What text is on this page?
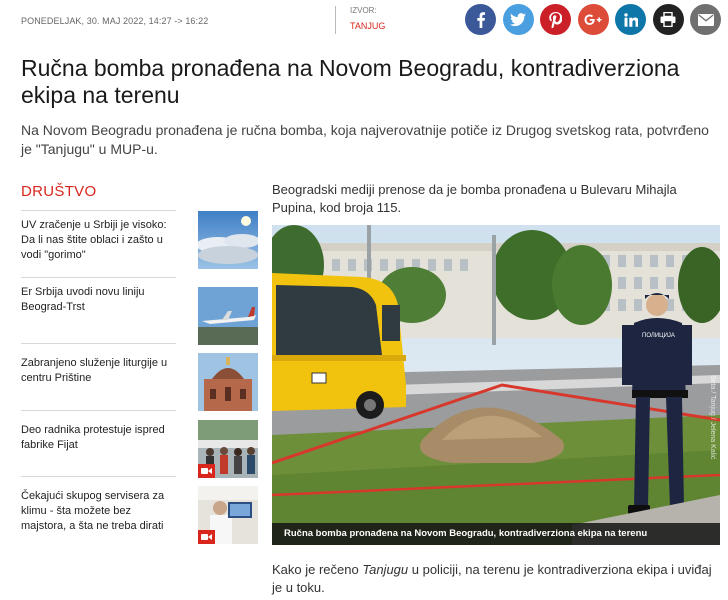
PONEDELJAK, 30. MAJ 2022, 14:27 -> 16:22
IZVOR:
TANJUG
Ručna bomba pronađena na Novom Beogradu, kontradiverziona ekipa na terenu

Na Novom Beogradu pronađena je ručna bomba, koja najverovatnije potiče iz Drugog svetskog rata, potvrđeno je "Tanjugu" u MUP-u.

DRUŠTVO
UV zračenje u Srbiji je visoko: Da li nas štite oblaci i zašto u vodi "gorimo"
Er Srbija uvodi novu liniju Beograd-Trst
Zabranjeno služenje liturgije u centru Prištine
Deo radnika protestuje ispred fabrike Fijat
Čekajući skupog servisera za klimu - šta možete bez majstora, a šta ne treba dirati

Beogradski mediji prenose da je bomba pronađena u Bulevaru Mihajla Pupina, kod broja 115.

ПОЛИЦИЈА
Beta / Tanjug / Jelena Kalić
Ručna bomba pronađena na Novom Beogradu, kontradiverziona ekipa na terenu

Kako je rečeno Tanjugu u policiji, na terenu je kontradiverziona ekipa i uviđaj je u toku.
